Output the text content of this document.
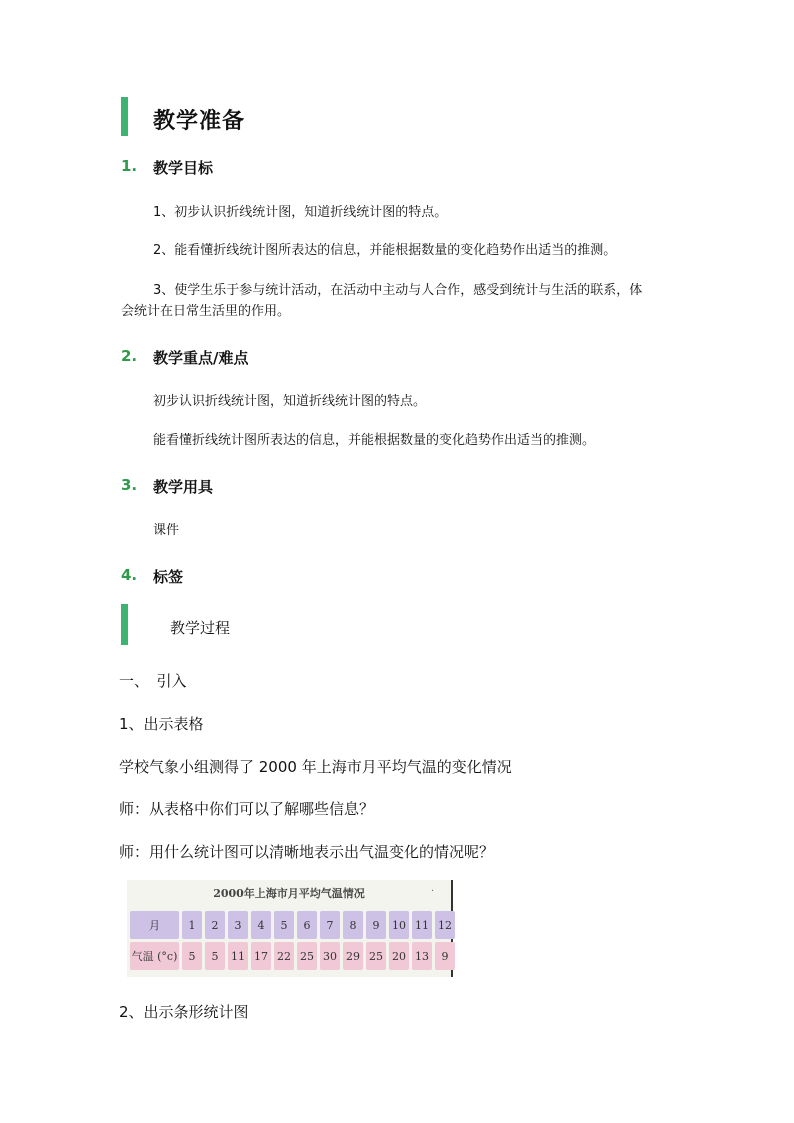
教学准备
1. 教学目标
1、初步认识折线统计图，知道折线统计图的特点。
2、能看懂折线统计图所表达的信息，并能根据数量的变化趋势作出适当的推测。
3、使学生乐于参与统计活动，在活动中主动与人合作，感受到统计与生活的联系，体
会统计在日常生活里的作用。
2. 教学重点/难点
初步认识折线统计图，知道折线统计图的特点。
能看懂折线统计图所表达的信息，并能根据数量的变化趋势作出适当的推测。
3. 教学用具
课件
4. 标签
教学过程
一、　引入
1、出示表格
学校气象小组测得了 2000 年上海市月平均气温的变化情况
师：从表格中你们可以了解哪些信息？
师：用什么统计图可以清晰地表示出气温变化的情况呢？
2000年上海市月平均气温情况	·
月	1	2	3	4	5	6	7	8	9	10 11 12
气温 (°c)	5	5	11 17 22 25 30 29 25 20 13	9
2、出示条形统计图
